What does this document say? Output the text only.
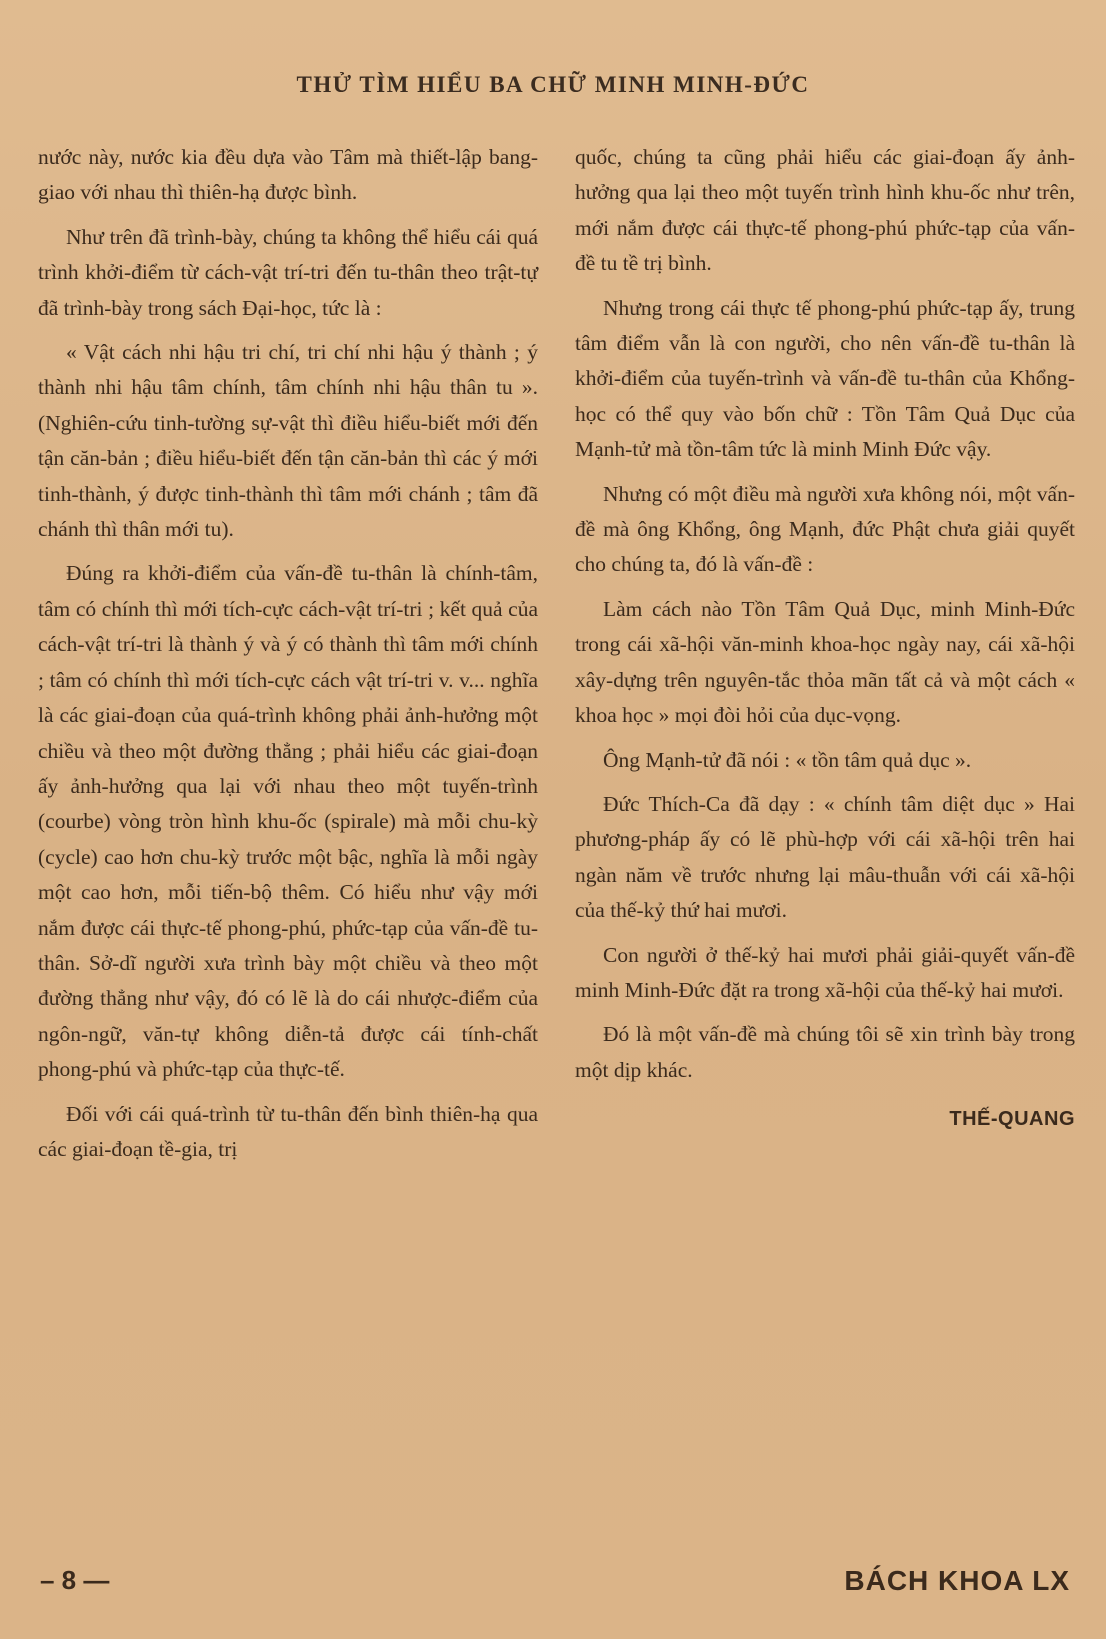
THỬ TÌM HIỂU BA CHỮ MINH MINH-ĐỨC

nước này, nước kia đều dựa vào Tâm mà thiết-lập bang-giao với nhau thì thiên-hạ được bình.

Như trên đã trình-bày, chúng ta không thể hiểu cái quá trình khởi-điểm từ cách-vật trí-tri đến tu-thân theo trật-tự đã trình-bày trong sách Đại-học, tức là :

« Vật cách nhi hậu tri chí, tri chí nhi hậu ý thành ; ý thành nhi hậu tâm chính, tâm chính nhi hậu thân tu ». (Nghiên-cứu tinh-tường sự-vật thì điều hiểu-biết mới đến tận căn-bản ; điều hiểu-biết đến tận căn-bản thì các ý mới tinh-thành, ý được tinh-thành thì tâm mới chánh ; tâm đã chánh thì thân mới tu).

Đúng ra khởi-điểm của vấn-đề tu-thân là chính-tâm, tâm có chính thì mới tích-cực cách-vật trí-tri ; kết quả của cách-vật trí-tri là thành ý và ý có thành thì tâm mới chính ; tâm có chính thì mới tích-cực cách vật trí-tri v. v... nghĩa là các giai-đoạn của quá-trình không phải ảnh-hưởng một chiều và theo một đường thẳng ; phải hiểu các giai-đoạn ấy ảnh-hưởng qua lại với nhau theo một tuyến-trình (courbe) vòng tròn hình khu-ốc (spirale) mà mỗi chu-kỳ (cycle) cao hơn chu-kỳ trước một bậc, nghĩa là mỗi ngày một cao hơn, mỗi tiến-bộ thêm. Có hiểu như vậy mới nắm được cái thực-tế phong-phú, phức-tạp của vấn-đề tu-thân. Sở-dĩ người xưa trình bày một chiều và theo một đường thẳng như vậy, đó có lẽ là do cái nhược-điểm của ngôn-ngữ, văn-tự không diễn-tả được cái tính-chất phong-phú và phức-tạp của thực-tế.

Đối với cái quá-trình từ tu-thân đến bình thiên-hạ qua các giai-đoạn tề-gia, trị

quốc, chúng ta cũng phải hiểu các giai-đoạn ấy ảnh-hưởng qua lại theo một tuyến trình hình khu-ốc như trên, mới nắm được cái thực-tế phong-phú phức-tạp của vấn-đề tu tề trị bình.

Nhưng trong cái thực tế phong-phú phức-tạp ấy, trung tâm điểm vẫn là con người, cho nên vấn-đề tu-thân là khởi-điểm của tuyến-trình và vấn-đề tu-thân của Khổng-học có thể quy vào bốn chữ : Tồn Tâm Quả Dục của Mạnh-tử mà tồn-tâm tức là minh Minh Đức vậy.

Nhưng có một điều mà người xưa không nói, một vấn-đề mà ông Khổng, ông Mạnh, đức Phật chưa giải quyết cho chúng ta, đó là vấn-đề :

Làm cách nào Tồn Tâm Quả Dục, minh Minh-Đức trong cái xã-hội văn-minh khoa-học ngày nay, cái xã-hội xây-dựng trên nguyên-tắc thỏa mãn tất cả và một cách « khoa học » mọi đòi hỏi của dục-vọng.

Ông Mạnh-tử đã nói : « tồn tâm quả dục ».

Đức Thích-Ca đã dạy : « chính tâm diệt dục » Hai phương-pháp ấy có lẽ phù-hợp với cái xã-hội trên hai ngàn năm về trước nhưng lại mâu-thuẫn với cái xã-hội của thế-kỷ thứ hai mươi.

Con người ở thế-kỷ hai mươi phải giải-quyết vấn-đề minh Minh-Đức đặt ra trong xã-hội của thế-kỷ hai mươi.

Đó là một vấn-đề mà chúng tôi sẽ xin trình bày trong một dịp khác.

THẾ-QUANG

– 8 —	BÁCH KHOA LX
